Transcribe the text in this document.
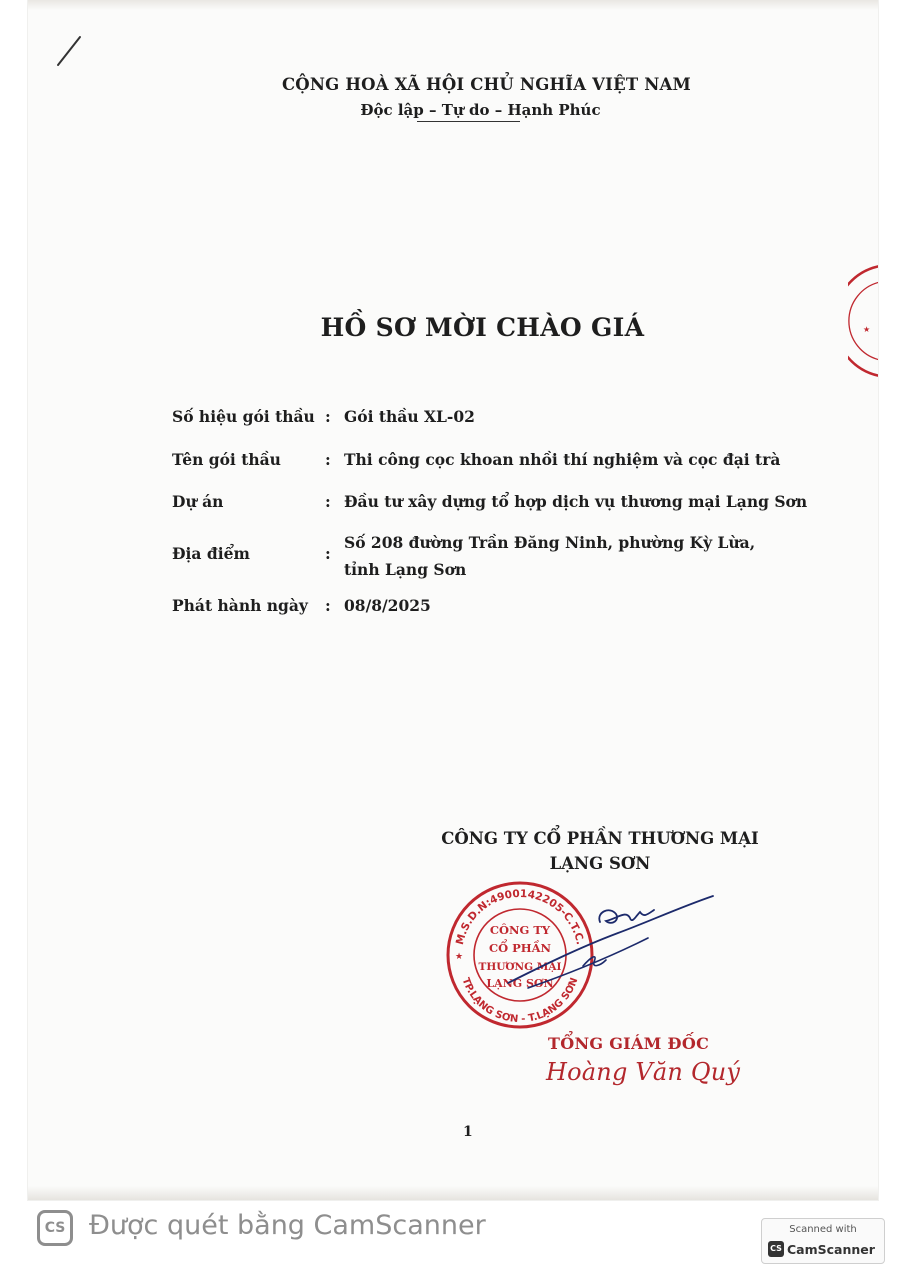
CỘNG HOÀ XÃ HỘI CHỦ NGHĨA VIỆT NAM
Độc lập – Tự do – Hạnh Phúc
HỒ SƠ MỜI CHÀO GIÁ
Số hiệu gói thầu : Gói thầu XL-02
Tên gói thầu	: Thi công cọc khoan nhồi thí nghiệm và cọc đại trà
Dự án	: Đầu tư xây dựng tổ hợp dịch vụ thương mại Lạng Sơn
Địa điểm	:
Số 208 đường Trần Đăng Ninh, phường Kỳ Lừa, tỉnh Lạng Sơn
Phát hành ngày : 08/8/2025
CÔNG TY CỔ PHẦN THƯƠNG MẠI
LẠNG SƠN
M.S.D.N:4900142205-C.T.C.
TP.LẠNG SƠN - T.LẠNG SƠN
★
CÔNG TY
CỔ PHẦN
THƯƠNG MẠI
LẠNG SƠN
★
TỔNG GIÁM ĐỐC
Hoàng Văn Quý
1
CS Được quét bằng CamScanner	Scanned with
CS CamScanner
